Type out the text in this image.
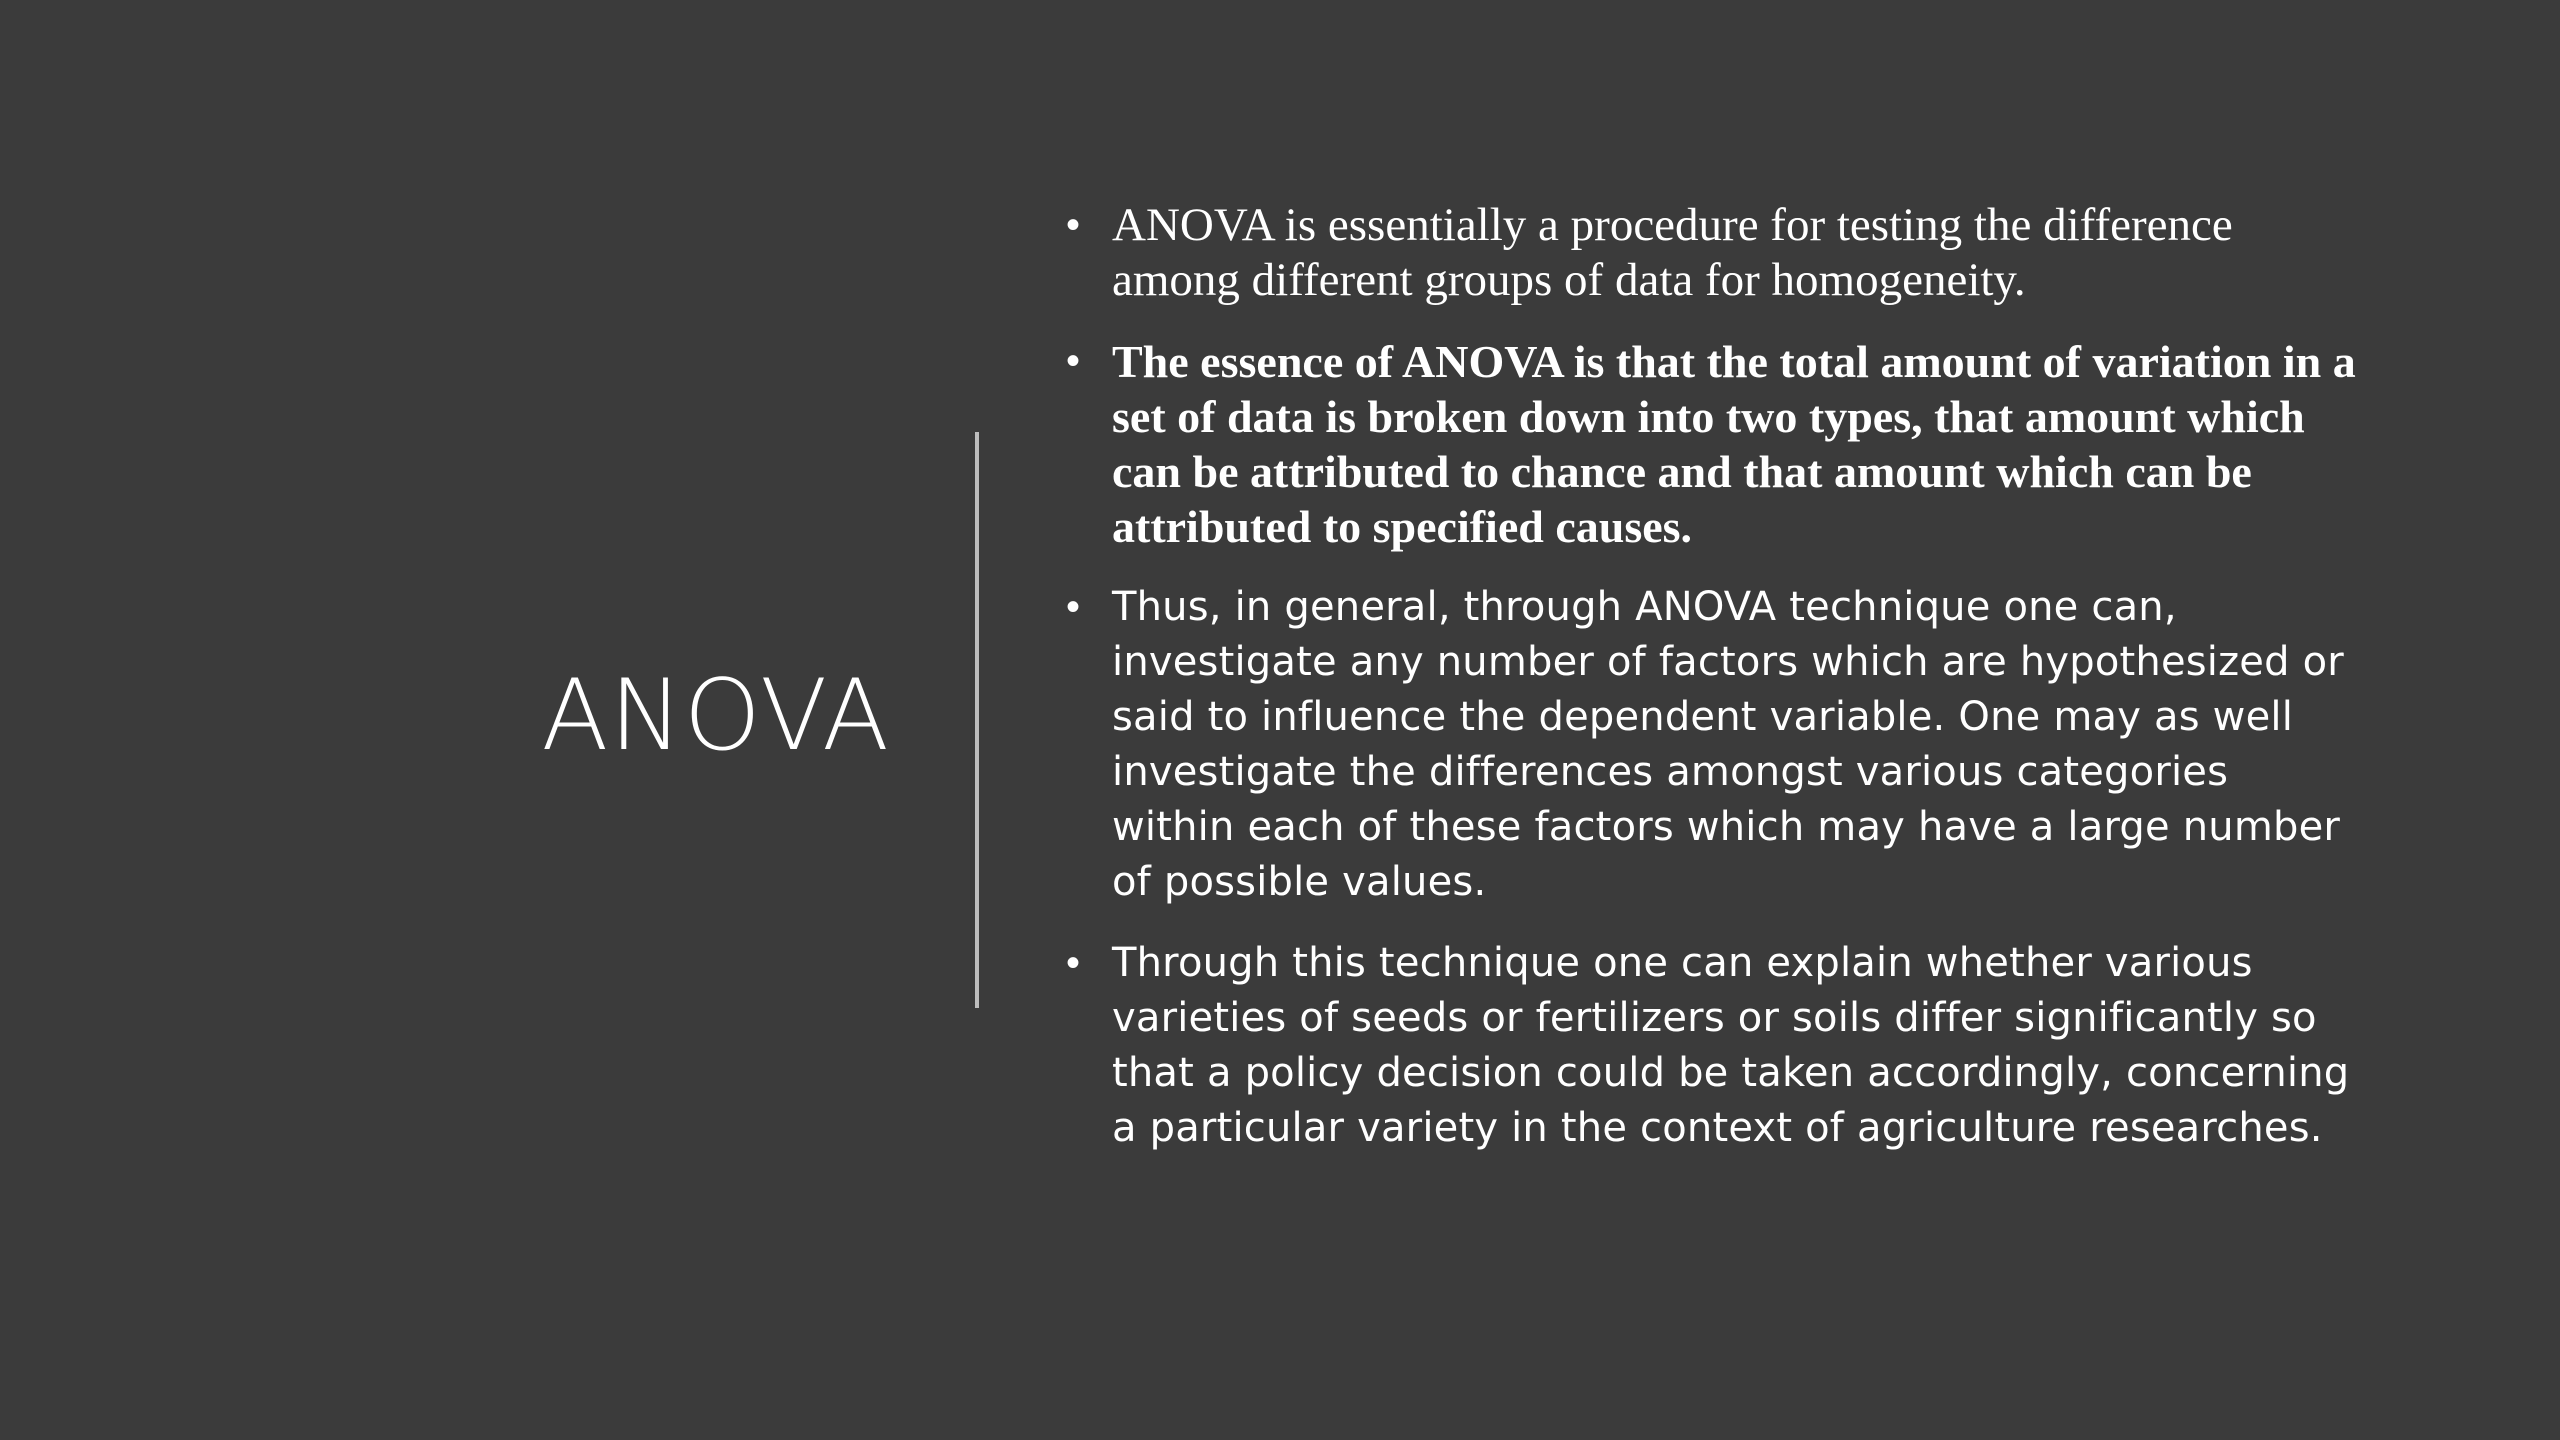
ANOVA
• ANOVA is essentially a procedure for testing the difference among different groups of data for homogeneity.
• The essence of ANOVA is that the total amount of variation in a set of data is broken down into two types, that amount which can be attributed to chance and that amount which can be attributed to specified causes.
• Thus, in general, through ANOVA technique one can, investigate any number of factors which are hypothesized or said to influence the dependent variable. One may as well investigate the differences amongst various categories within each of these factors which may have a large number of possible values.
• Through this technique one can explain whether various varieties of seeds or fertilizers or soils differ significantly so that a policy decision could be taken accordingly, concerning a particular variety in the context of agriculture researches.
